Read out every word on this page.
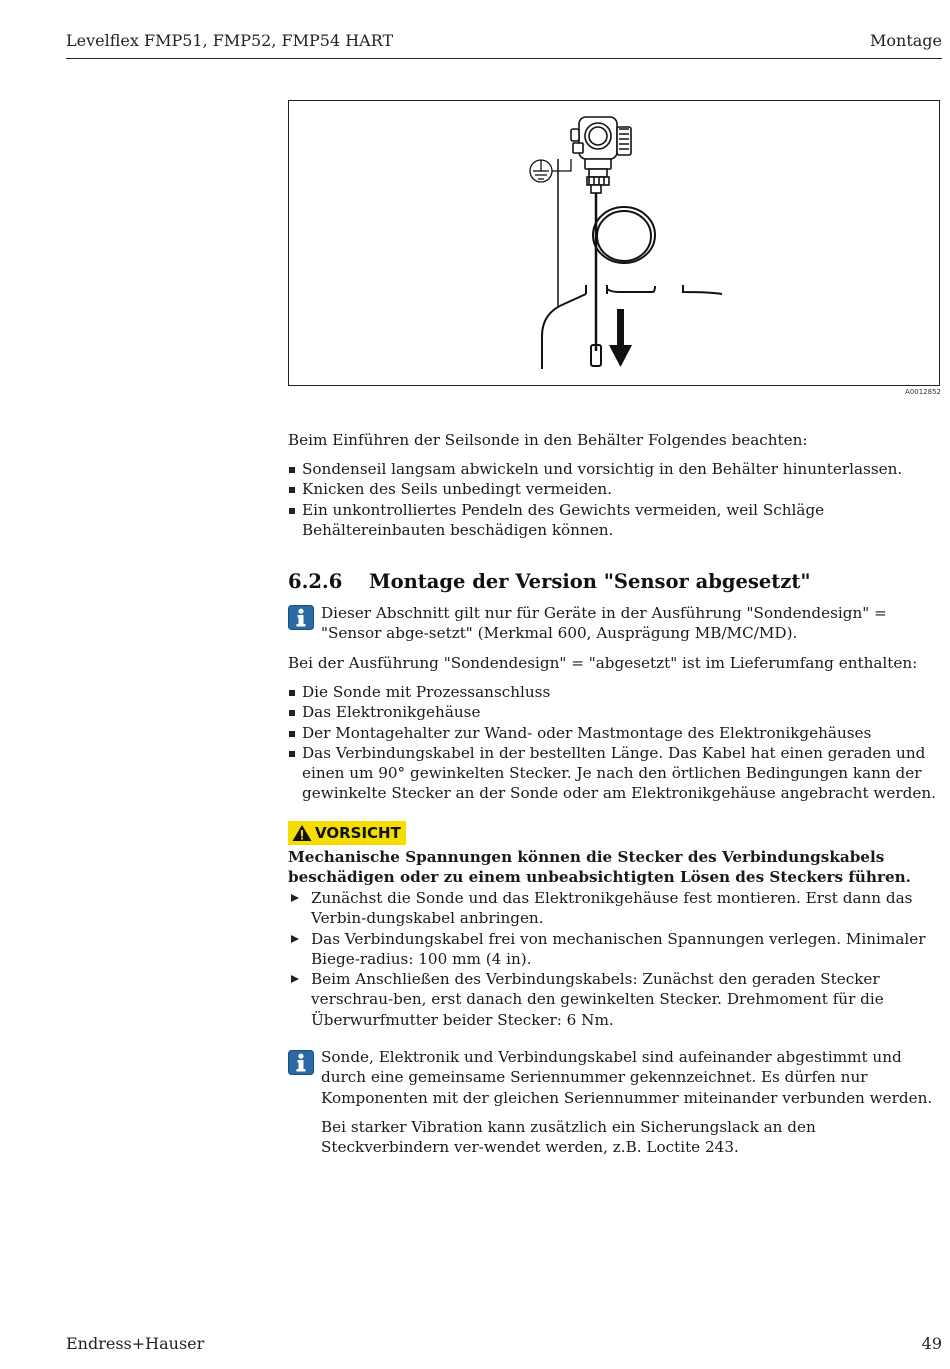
Levelflex FMP51, FMP52, FMP54 HART	Montage
A0012852
Beim Einführen der Seilsonde in den Behälter Folgendes beachten:
Sondenseil langsam abwickeln und vorsichtig in den Behälter hinunterlassen.
Knicken des Seils unbedingt vermeiden.
Ein unkontrolliertes Pendeln des Gewichts vermeiden, weil Schläge Behältereinbauten beschädigen können.
6.2.6 Montage der Version "Sensor abgesetzt"
Dieser Abschnitt gilt nur für Geräte in der Ausführung "Sondendesign" = "Sensor abge-setzt" (Merkmal 600, Ausprägung MB/MC/MD).
Bei der Ausführung "Sondendesign" = "abgesetzt" ist im Lieferumfang enthalten:
Die Sonde mit Prozessanschluss
Das Elektronikgehäuse
Der Montagehalter zur Wand- oder Mastmontage des Elektronikgehäuses
Das Verbindungskabel in der bestellten Länge. Das Kabel hat einen geraden und einen um 90° gewinkelten Stecker. Je nach den örtlichen Bedingungen kann der gewinkelte Stecker an der Sonde oder am Elektronikgehäuse angebracht werden.
VORSICHT
Mechanische Spannungen können die Stecker des Verbindungskabels beschädigen oder zu einem unbeabsichtigten Lösen des Steckers führen.
Zunächst die Sonde und das Elektronikgehäuse fest montieren. Erst dann das Verbin-dungskabel anbringen.
Das Verbindungskabel frei von mechanischen Spannungen verlegen. Minimaler Biege-radius: 100 mm (4 in).
Beim Anschließen des Verbindungskabels: Zunächst den geraden Stecker verschrau-ben, erst danach den gewinkelten Stecker. Drehmoment für die Überwurfmutter beider Stecker: 6 Nm.
Sonde, Elektronik und Verbindungskabel sind aufeinander abgestimmt und durch eine gemeinsame Seriennummer gekennzeichnet. Es dürfen nur Komponenten mit der gleichen Seriennummer miteinander verbunden werden.
Bei starker Vibration kann zusätzlich ein Sicherungslack an den Steckverbindern ver-wendet werden, z.B. Loctite 243.
Endress+Hauser	49
